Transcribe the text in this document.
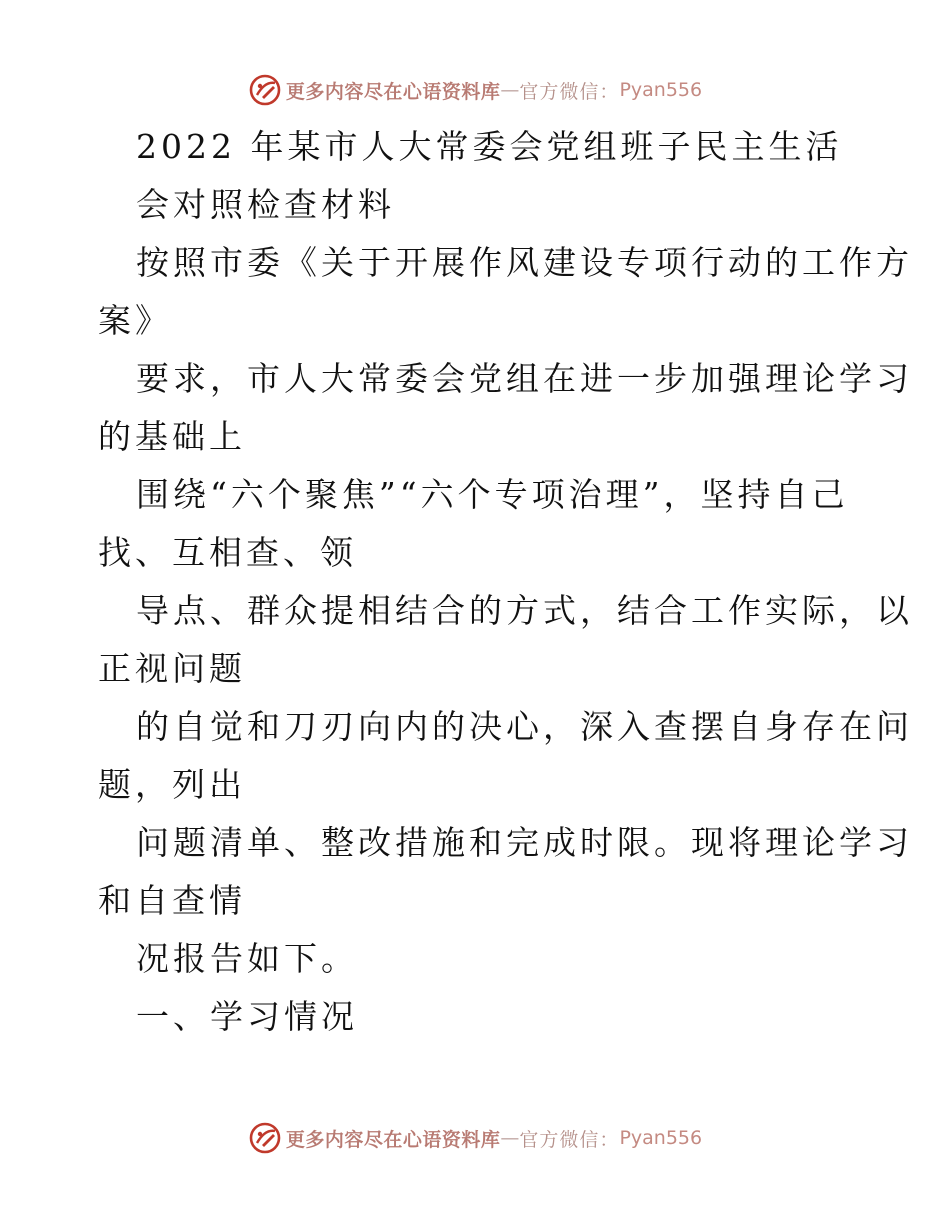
更多内容尽在心语资料库 — 官方微信： Pyan556
2022 年某市人大常委会党组班子民主生活
会对照检查材料
按照市委《关于开展作风建设专项行动的工作方
案》
要求，市人大常委会党组在进一步加强理论学习
的基础上
围绕“六个聚焦”“六个专项治理”，坚持自己
找、互相查、领
导点、群众提相结合的方式，结合工作实际，以
正视问题
的自觉和刀刃向内的决心，深入查摆自身存在问
题，列出
问题清单、整改措施和完成时限。现将理论学习
和自查情
况报告如下。
一、学习情况
更多内容尽在心语资料库 — 官方微信： Pyan556
